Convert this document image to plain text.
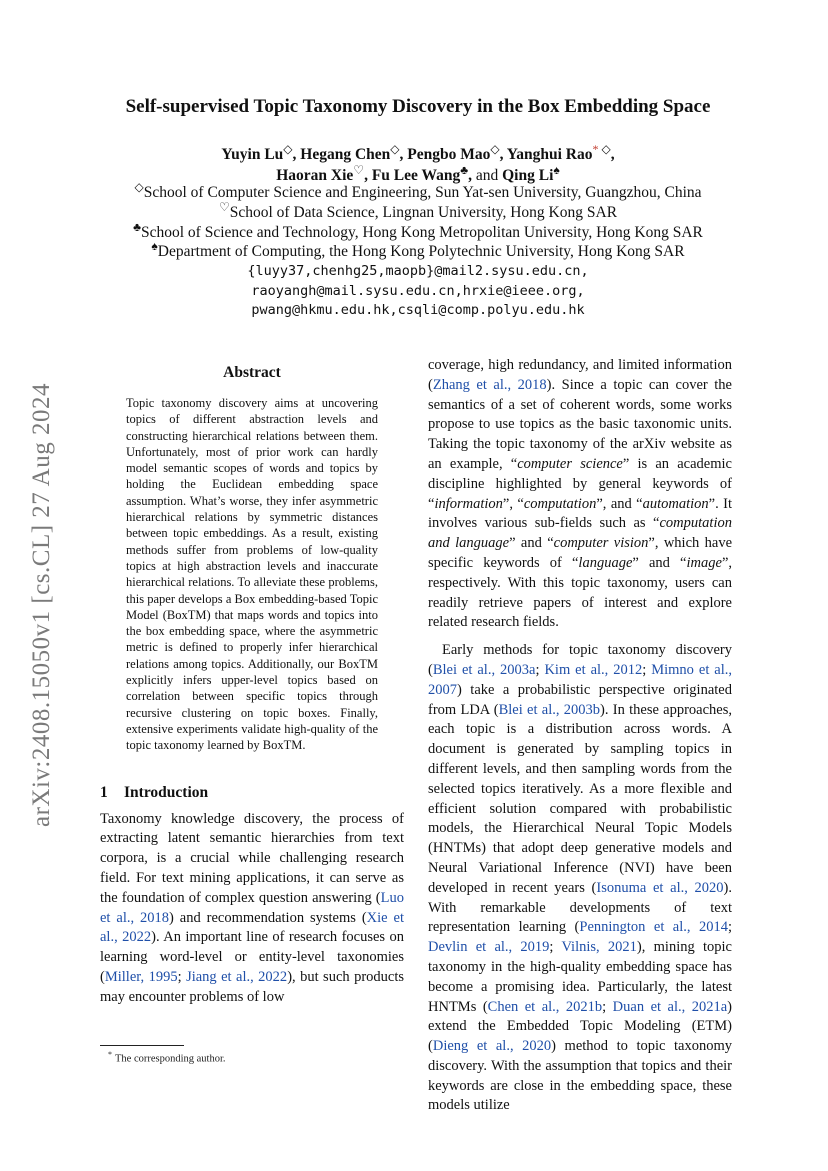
arXiv:2408.15050v1 [cs.CL] 27 Aug 2024
Self-supervised Topic Taxonomy Discovery in the Box Embedding Space
Yuyin Lu◇, Hegang Chen◇, Pengbo Mao◇, Yanghui Rao* ◇,
Haoran Xie♡, Fu Lee Wang♣, and Qing Li♠
◇School of Computer Science and Engineering, Sun Yat-sen University, Guangzhou, China
♡School of Data Science, Lingnan University, Hong Kong SAR
♣School of Science and Technology, Hong Kong Metropolitan University, Hong Kong SAR
♠Department of Computing, the Hong Kong Polytechnic University, Hong Kong SAR
{luyy37,chenhg25,maopb}@mail2.sysu.edu.cn,
raoyangh@mail.sysu.edu.cn,hrxie@ieee.org,
pwang@hkmu.edu.hk,csqli@comp.polyu.edu.hk
Abstract

Topic taxonomy discovery aims at uncovering topics of different abstraction levels and constructing hierarchical relations between them. Unfortunately, most of prior work can hardly model semantic scopes of words and topics by holding the Euclidean embedding space assumption. What’s worse, they infer asymmetric hierarchical relations by symmetric distances between topic embeddings. As a result, existing methods suffer from problems of low-quality topics at high abstraction levels and inaccurate hierarchical relations. To alleviate these problems, this paper develops a Box embedding-based Topic Model (BoxTM) that maps words and topics into the box embedding space, where the asymmetric metric is defined to properly infer hierarchical relations among topics. Additionally, our BoxTM explicitly infers upper-level topics based on correlation between specific topics through recursive clustering on topic boxes. Finally, extensive experiments validate high-quality of the topic taxonomy learned by BoxTM.

1 Introduction

Taxonomy knowledge discovery, the process of extracting latent semantic hierarchies from text corpora, is a crucial while challenging research field. For text mining applications, it can serve as the foundation of complex question answering (Luo et al., 2018) and recommendation systems (Xie et al., 2022). An important line of research focuses on learning word-level or entity-level taxonomies (Miller, 1995; Jiang et al., 2022), but such products may encounter problems of low

coverage, high redundancy, and limited information (Zhang et al., 2018). Since a topic can cover the semantics of a set of coherent words, some works propose to use topics as the basic taxonomic units. Taking the topic taxonomy of the arXiv website as an example, “computer science” is an academic discipline highlighted by general keywords of “information”, “computation”, and “automation”. It involves various sub-fields such as “computation and language” and “computer vision”, which have specific keywords of “language” and “image”, respectively. With this topic taxonomy, users can readily retrieve papers of interest and explore related research fields.

Early methods for topic taxonomy discovery (Blei et al., 2003a; Kim et al., 2012; Mimno et al., 2007) take a probabilistic perspective originated from LDA (Blei et al., 2003b). In these approaches, each topic is a distribution across words. A document is generated by sampling topics in different levels, and then sampling words from the selected topics iteratively. As a more flexible and efficient solution compared with probabilistic models, the Hierarchical Neural Topic Models (HNTMs) that adopt deep generative models and Neural Variational Inference (NVI) have been developed in recent years (Isonuma et al., 2020). With remarkable developments of text representation learning (Pennington et al., 2014; Devlin et al., 2019; Vilnis, 2021), mining topic taxonomy in the high-quality embedding space has become a promising idea. Particularly, the latest HNTMs (Chen et al., 2021b; Duan et al., 2021a) extend the Embedded Topic Modeling (ETM) (Dieng et al., 2020) method to topic taxonomy discovery. With the assumption that topics and their keywords are close in the embedding space, these models utilize

* The corresponding author.
